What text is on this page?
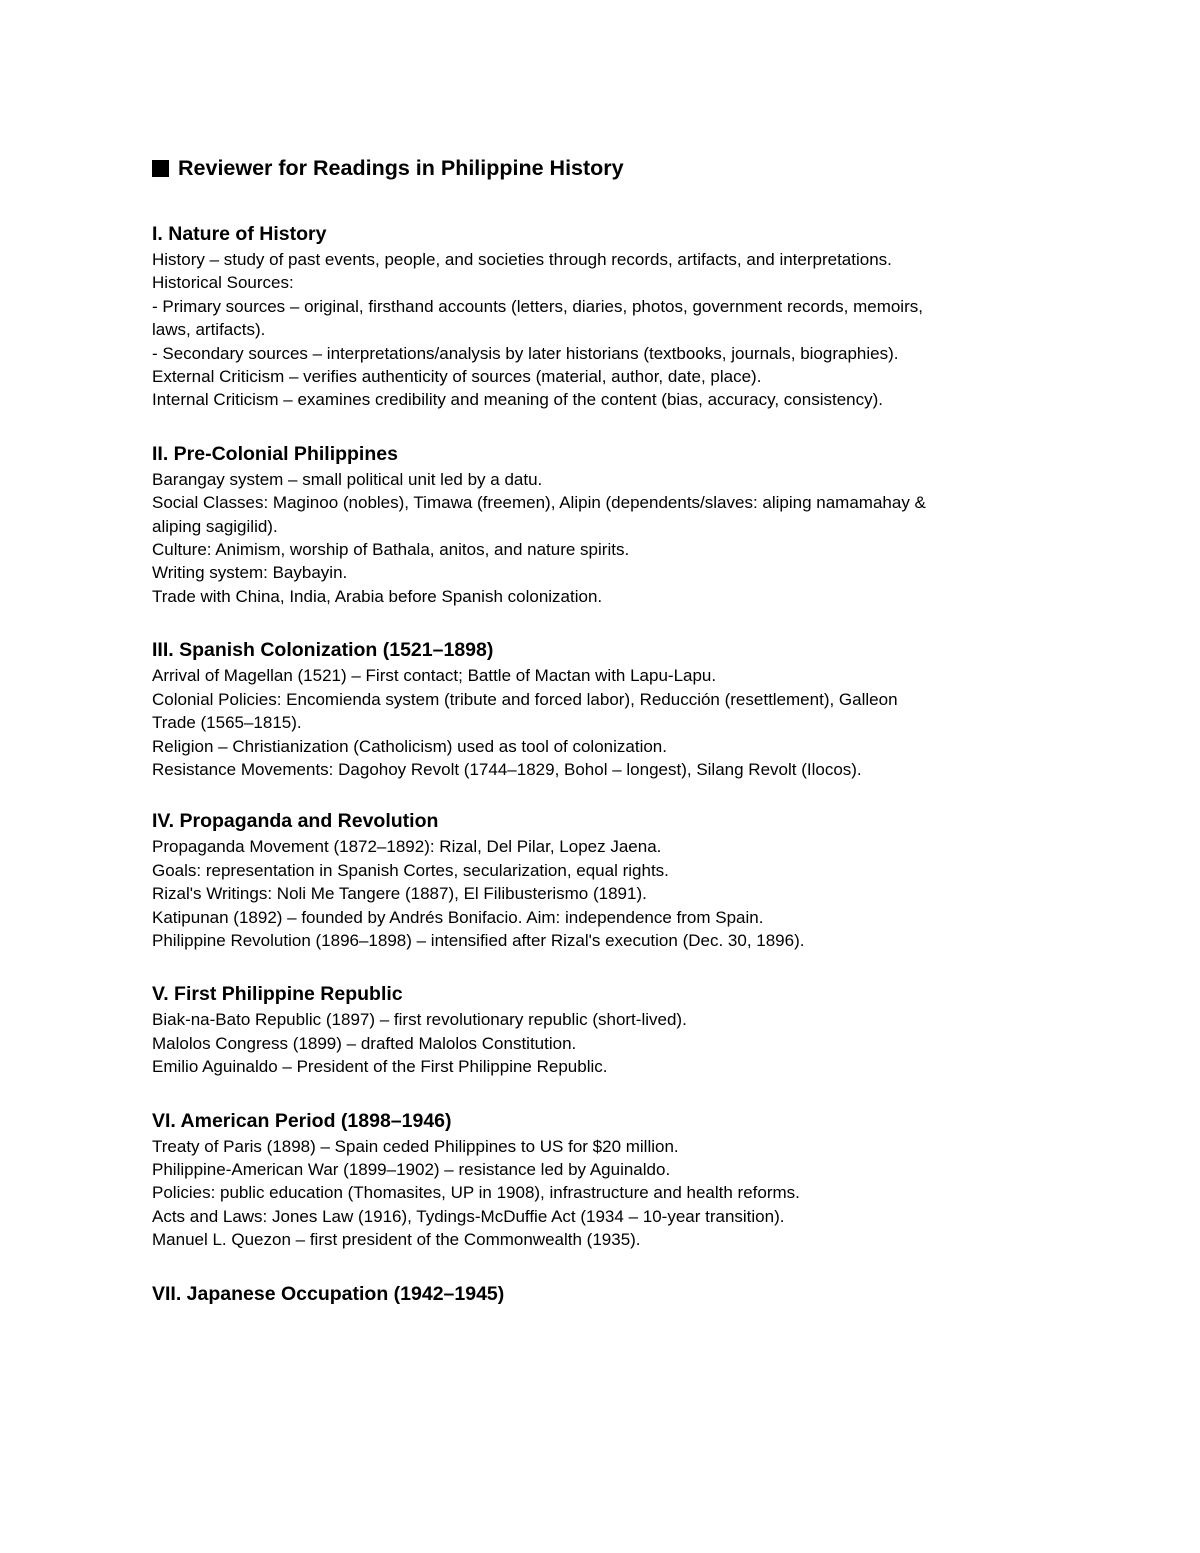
Reviewer for Readings in Philippine History
I. Nature of History
History – study of past events, people, and societies through records, artifacts, and interpretations.
Historical Sources:
- Primary sources – original, firsthand accounts (letters, diaries, photos, government records, memoirs,
laws, artifacts).
- Secondary sources – interpretations/analysis by later historians (textbooks, journals, biographies).
External Criticism – verifies authenticity of sources (material, author, date, place).
Internal Criticism – examines credibility and meaning of the content (bias, accuracy, consistency).
II. Pre-Colonial Philippines
Barangay system – small political unit led by a datu.
Social Classes: Maginoo (nobles), Timawa (freemen), Alipin (dependents/slaves: aliping namamahay &
aliping sagigilid).
Culture: Animism, worship of Bathala, anitos, and nature spirits.
Writing system: Baybayin.
Trade with China, India, Arabia before Spanish colonization.
III. Spanish Colonization (1521–1898)
Arrival of Magellan (1521) – First contact; Battle of Mactan with Lapu-Lapu.
Colonial Policies: Encomienda system (tribute and forced labor), Reducción (resettlement), Galleon
Trade (1565–1815).
Religion – Christianization (Catholicism) used as tool of colonization.
Resistance Movements: Dagohoy Revolt (1744–1829, Bohol – longest), Silang Revolt (Ilocos).
IV. Propaganda and Revolution
Propaganda Movement (1872–1892): Rizal, Del Pilar, Lopez Jaena.
Goals: representation in Spanish Cortes, secularization, equal rights.
Rizal's Writings: Noli Me Tangere (1887), El Filibusterismo (1891).
Katipunan (1892) – founded by Andrés Bonifacio. Aim: independence from Spain.
Philippine Revolution (1896–1898) – intensified after Rizal's execution (Dec. 30, 1896).
V. First Philippine Republic
Biak-na-Bato Republic (1897) – first revolutionary republic (short-lived).
Malolos Congress (1899) – drafted Malolos Constitution.
Emilio Aguinaldo – President of the First Philippine Republic.
VI. American Period (1898–1946)
Treaty of Paris (1898) – Spain ceded Philippines to US for $20 million.
Philippine-American War (1899–1902) – resistance led by Aguinaldo.
Policies: public education (Thomasites, UP in 1908), infrastructure and health reforms.
Acts and Laws: Jones Law (1916), Tydings-McDuffie Act (1934 – 10-year transition).
Manuel L. Quezon – first president of the Commonwealth (1935).
VII. Japanese Occupation (1942–1945)
